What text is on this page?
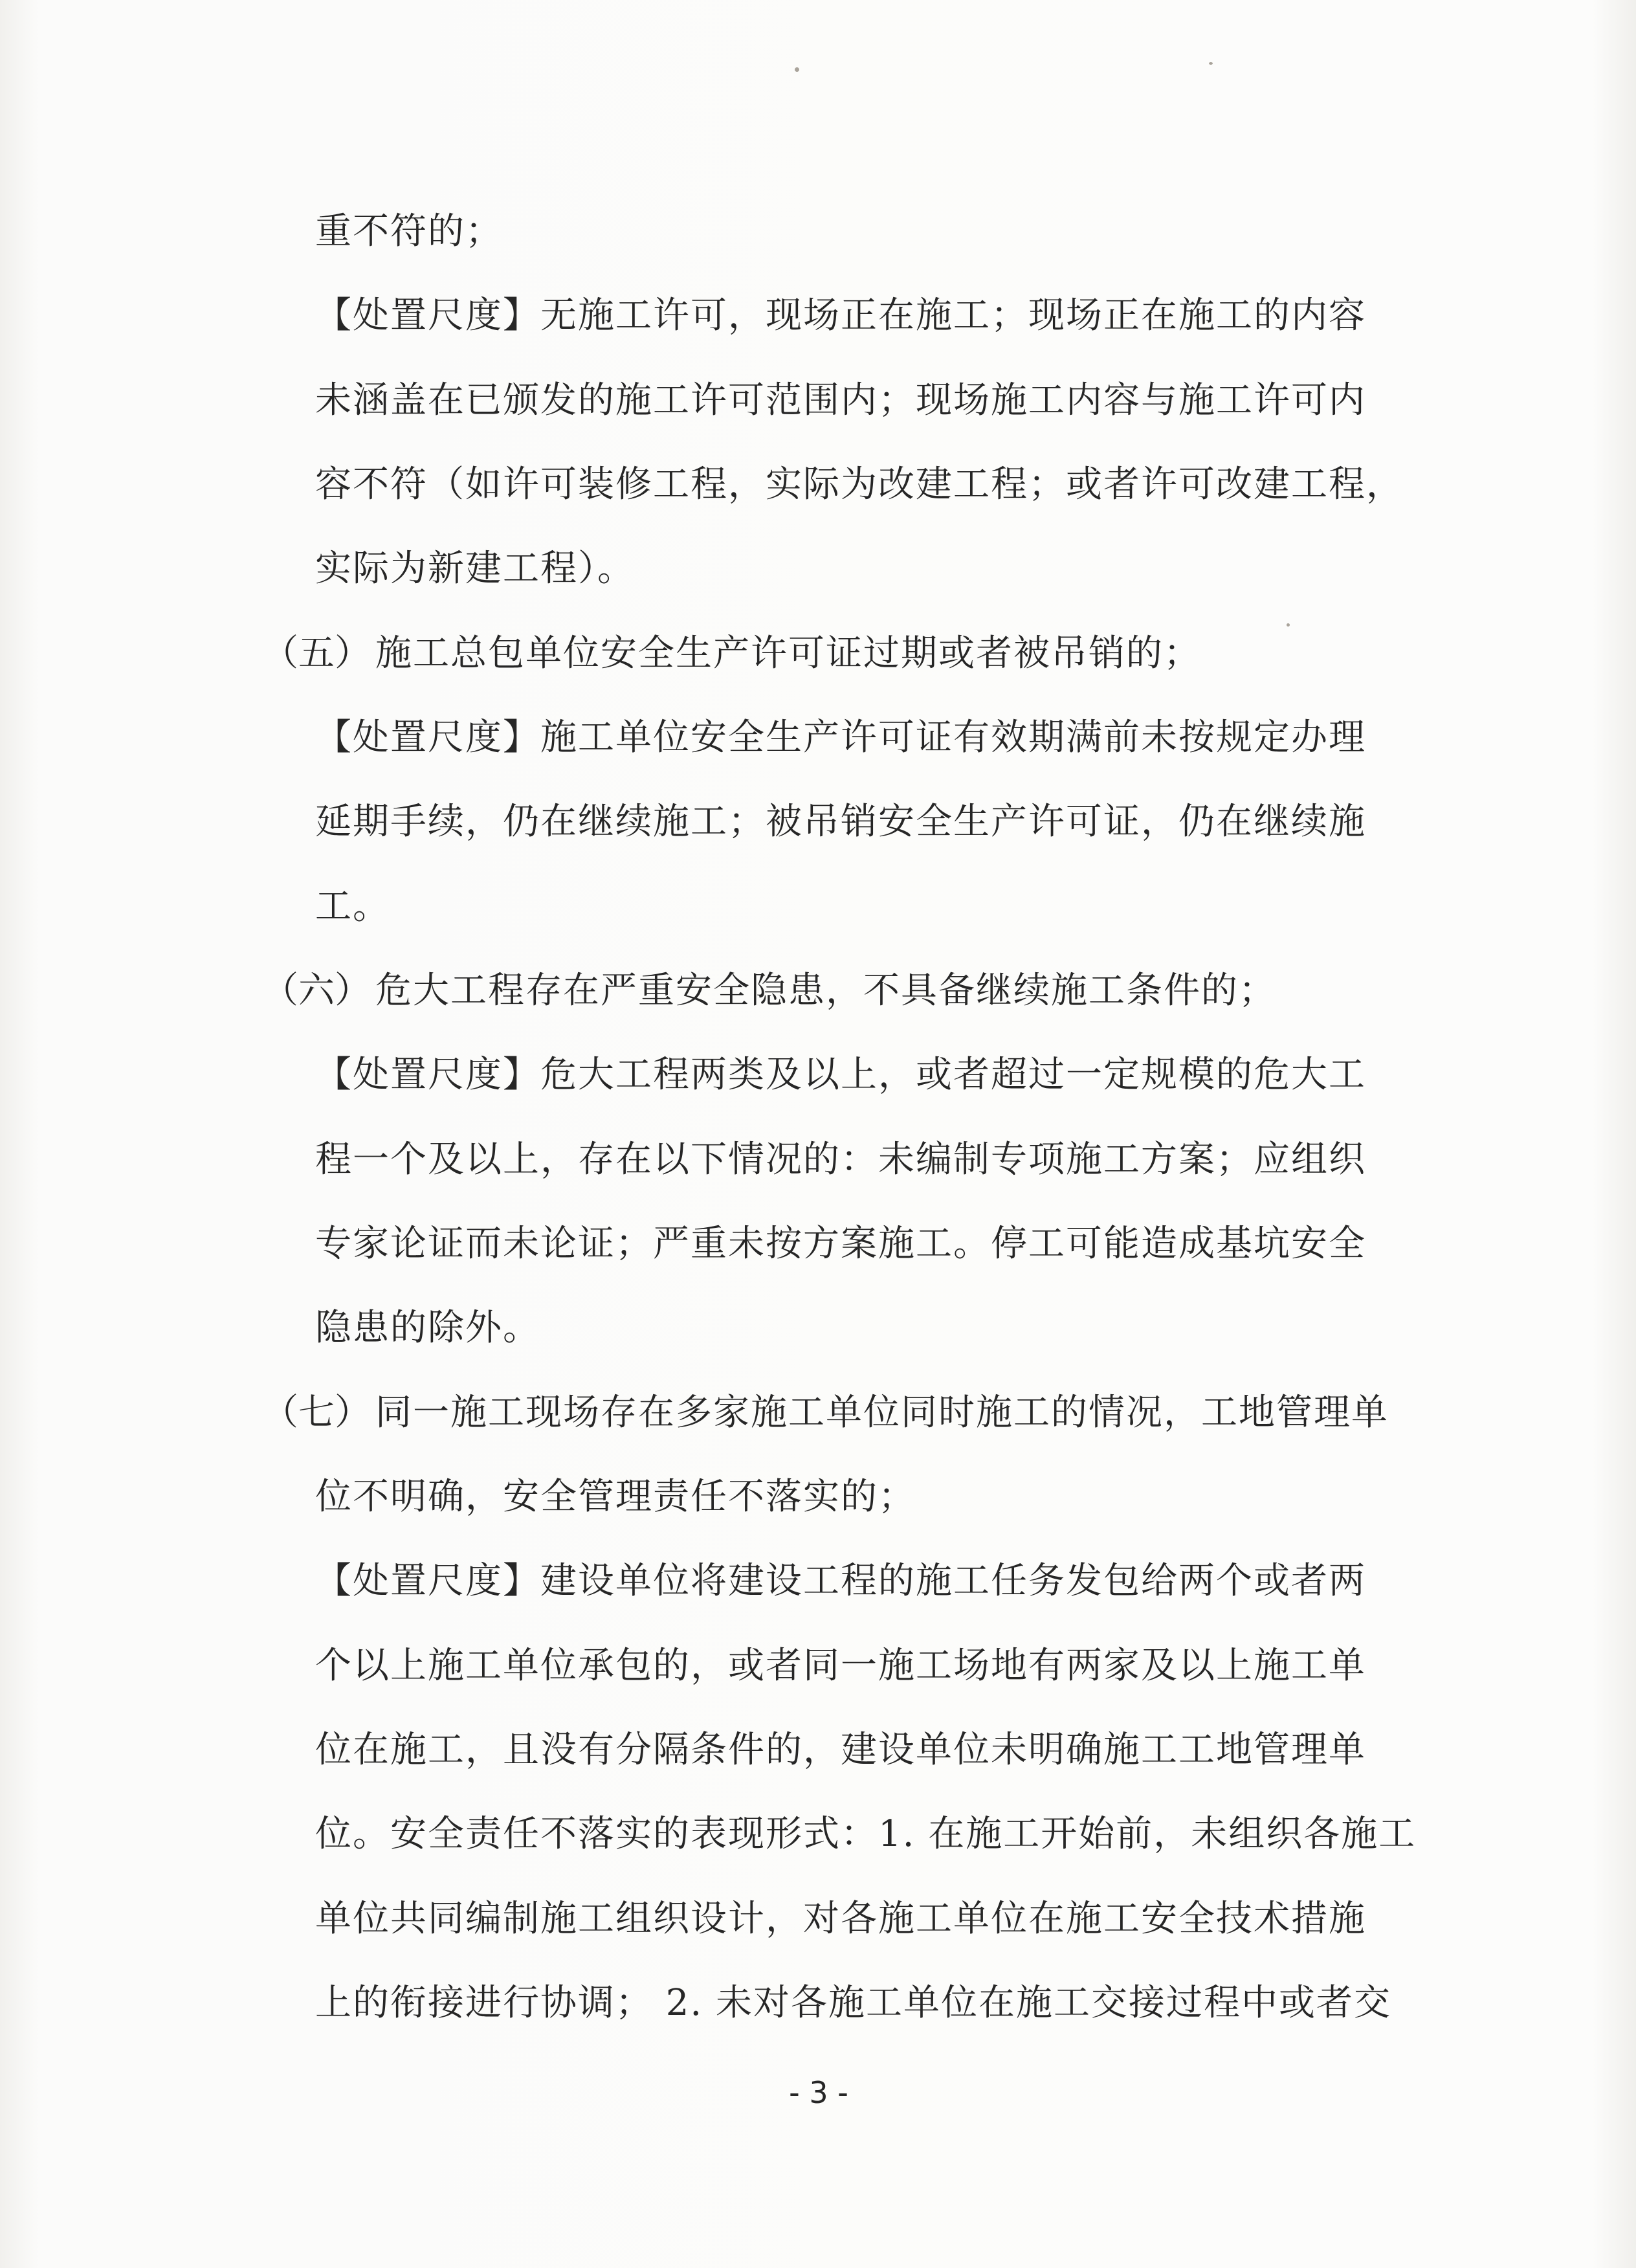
重不符的；
【处置尺度】无施工许可，现场正在施工；现场正在施工的内容
未涵盖在已颁发的施工许可范围内；现场施工内容与施工许可内
容不符（如许可装修工程，实际为改建工程；或者许可改建工程，
实际为新建工程）。
（五） 施工总包单位安全生产许可证过期或者被吊销的；
【处置尺度】施工单位安全生产许可证有效期满前未按规定办理
延期手续，仍在继续施工；被吊销安全生产许可证，仍在继续施
工。
（六） 危大工程存在严重安全隐患，不具备继续施工条件的；
【处置尺度】危大工程两类及以上，或者超过一定规模的危大工
程一个及以上，存在以下情况的：未编制专项施工方案；应组织
专家论证而未论证；严重未按方案施工。停工可能造成基坑安全
隐患的除外。
（七） 同一施工现场存在多家施工单位同时施工的情况，工地管理单
位不明确，安全管理责任不落实的；
【处置尺度】建设单位将建设工程的施工任务发包给两个或者两
个以上施工单位承包的，或者同一施工场地有两家及以上施工单
位在施工，且没有分隔条件的，建设单位未明确施工工地管理单
位。安全责任不落实的表现形式：1. 在施工开始前，未组织各施工
单位共同编制施工组织设计，对各施工单位在施工安全技术措施
上的衔接进行协调； 2. 未对各施工单位在施工交接过程中或者交
- 3 -
